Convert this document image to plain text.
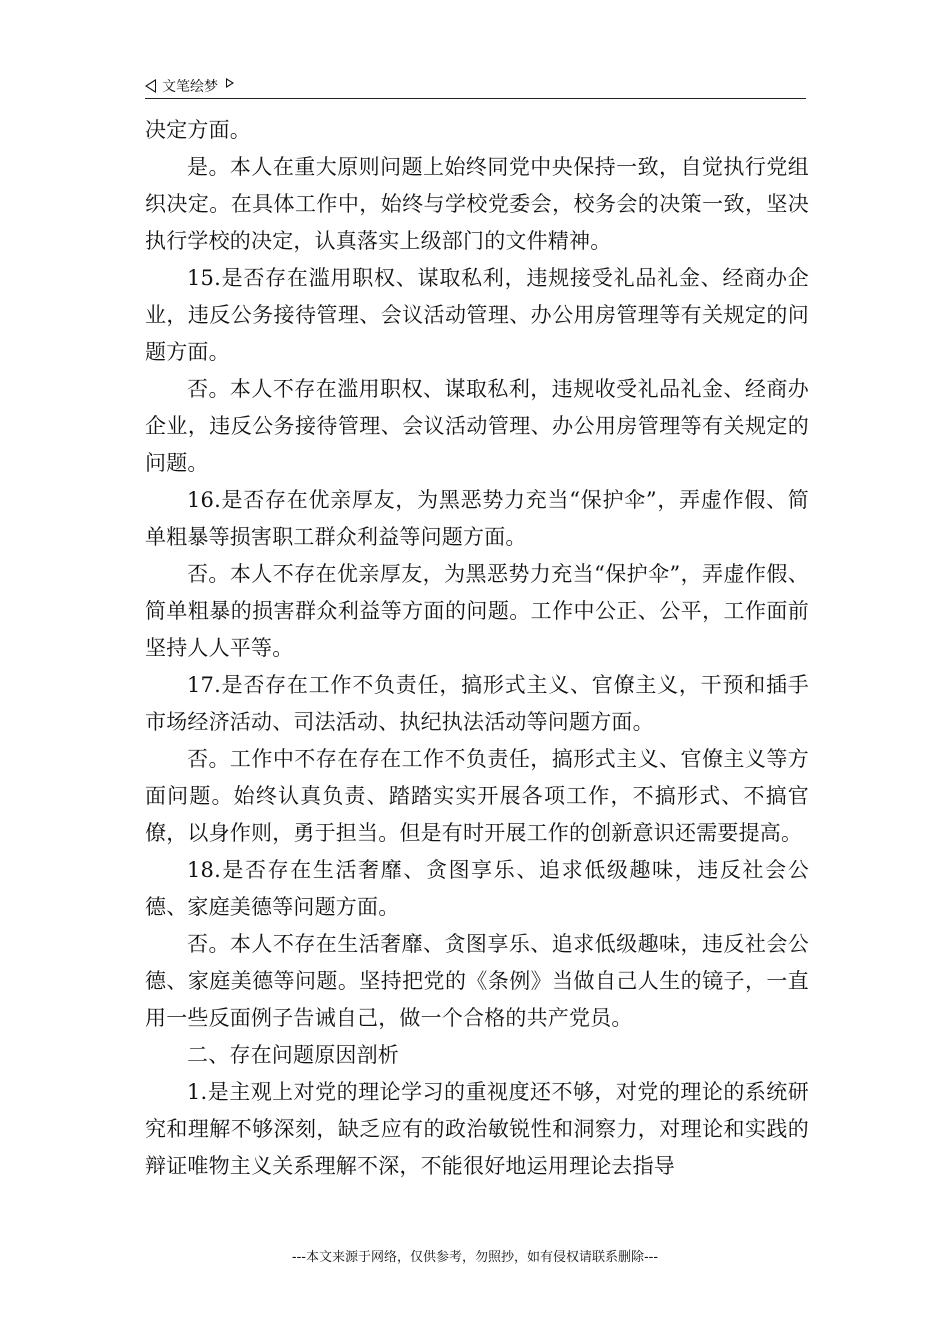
文笔绘梦

决定方面。

是。本人在重大原则问题上始终同党中央保持一致，自觉执行党组织决定。在具体工作中，始终与学校党委会，校务会的决策一致，坚决执行学校的决定，认真落实上级部门的文件精神。

15.是否存在滥用职权、谋取私利，违规接受礼品礼金、经商办企业，违反公务接待管理、会议活动管理、办公用房管理等有关规定的问题方面。

否。本人不存在滥用职权、谋取私利，违规收受礼品礼金、经商办企业，违反公务接待管理、会议活动管理、办公用房管理等有关规定的问题。

16.是否存在优亲厚友，为黑恶势力充当“保护伞”，弄虚作假、简单粗暴等损害职工群众利益等问题方面。

否。本人不存在优亲厚友，为黑恶势力充当“保护伞”，弄虚作假、简单粗暴的损害群众利益等方面的问题。工作中公正、公平，工作面前坚持人人平等。

17.是否存在工作不负责任，搞形式主义、官僚主义，干预和插手市场经济活动、司法活动、执纪执法活动等问题方面。

否。工作中不存在存在工作不负责任，搞形式主义、官僚主义等方面问题。始终认真负责、踏踏实实开展各项工作，不搞形式、不搞官僚，以身作则，勇于担当。但是有时开展工作的创新意识还需要提高。

18.是否存在生活奢靡、贪图享乐、追求低级趣味，违反社会公德、家庭美德等问题方面。

否。本人不存在生活奢靡、贪图享乐、追求低级趣味，违反社会公德、家庭美德等问题。坚持把党的《条例》当做自己人生的镜子，一直用一些反面例子告诫自己，做一个合格的共产党员。

二、存在问题原因剖析

1.是主观上对党的理论学习的重视度还不够，对党的理论的系统研究和理解不够深刻，缺乏应有的政治敏锐性和洞察力，对理论和实践的辩证唯物主义关系理解不深，不能很好地运用理论去指导

---本文来源于网络，仅供参考，勿照抄，如有侵权请联系删除---
